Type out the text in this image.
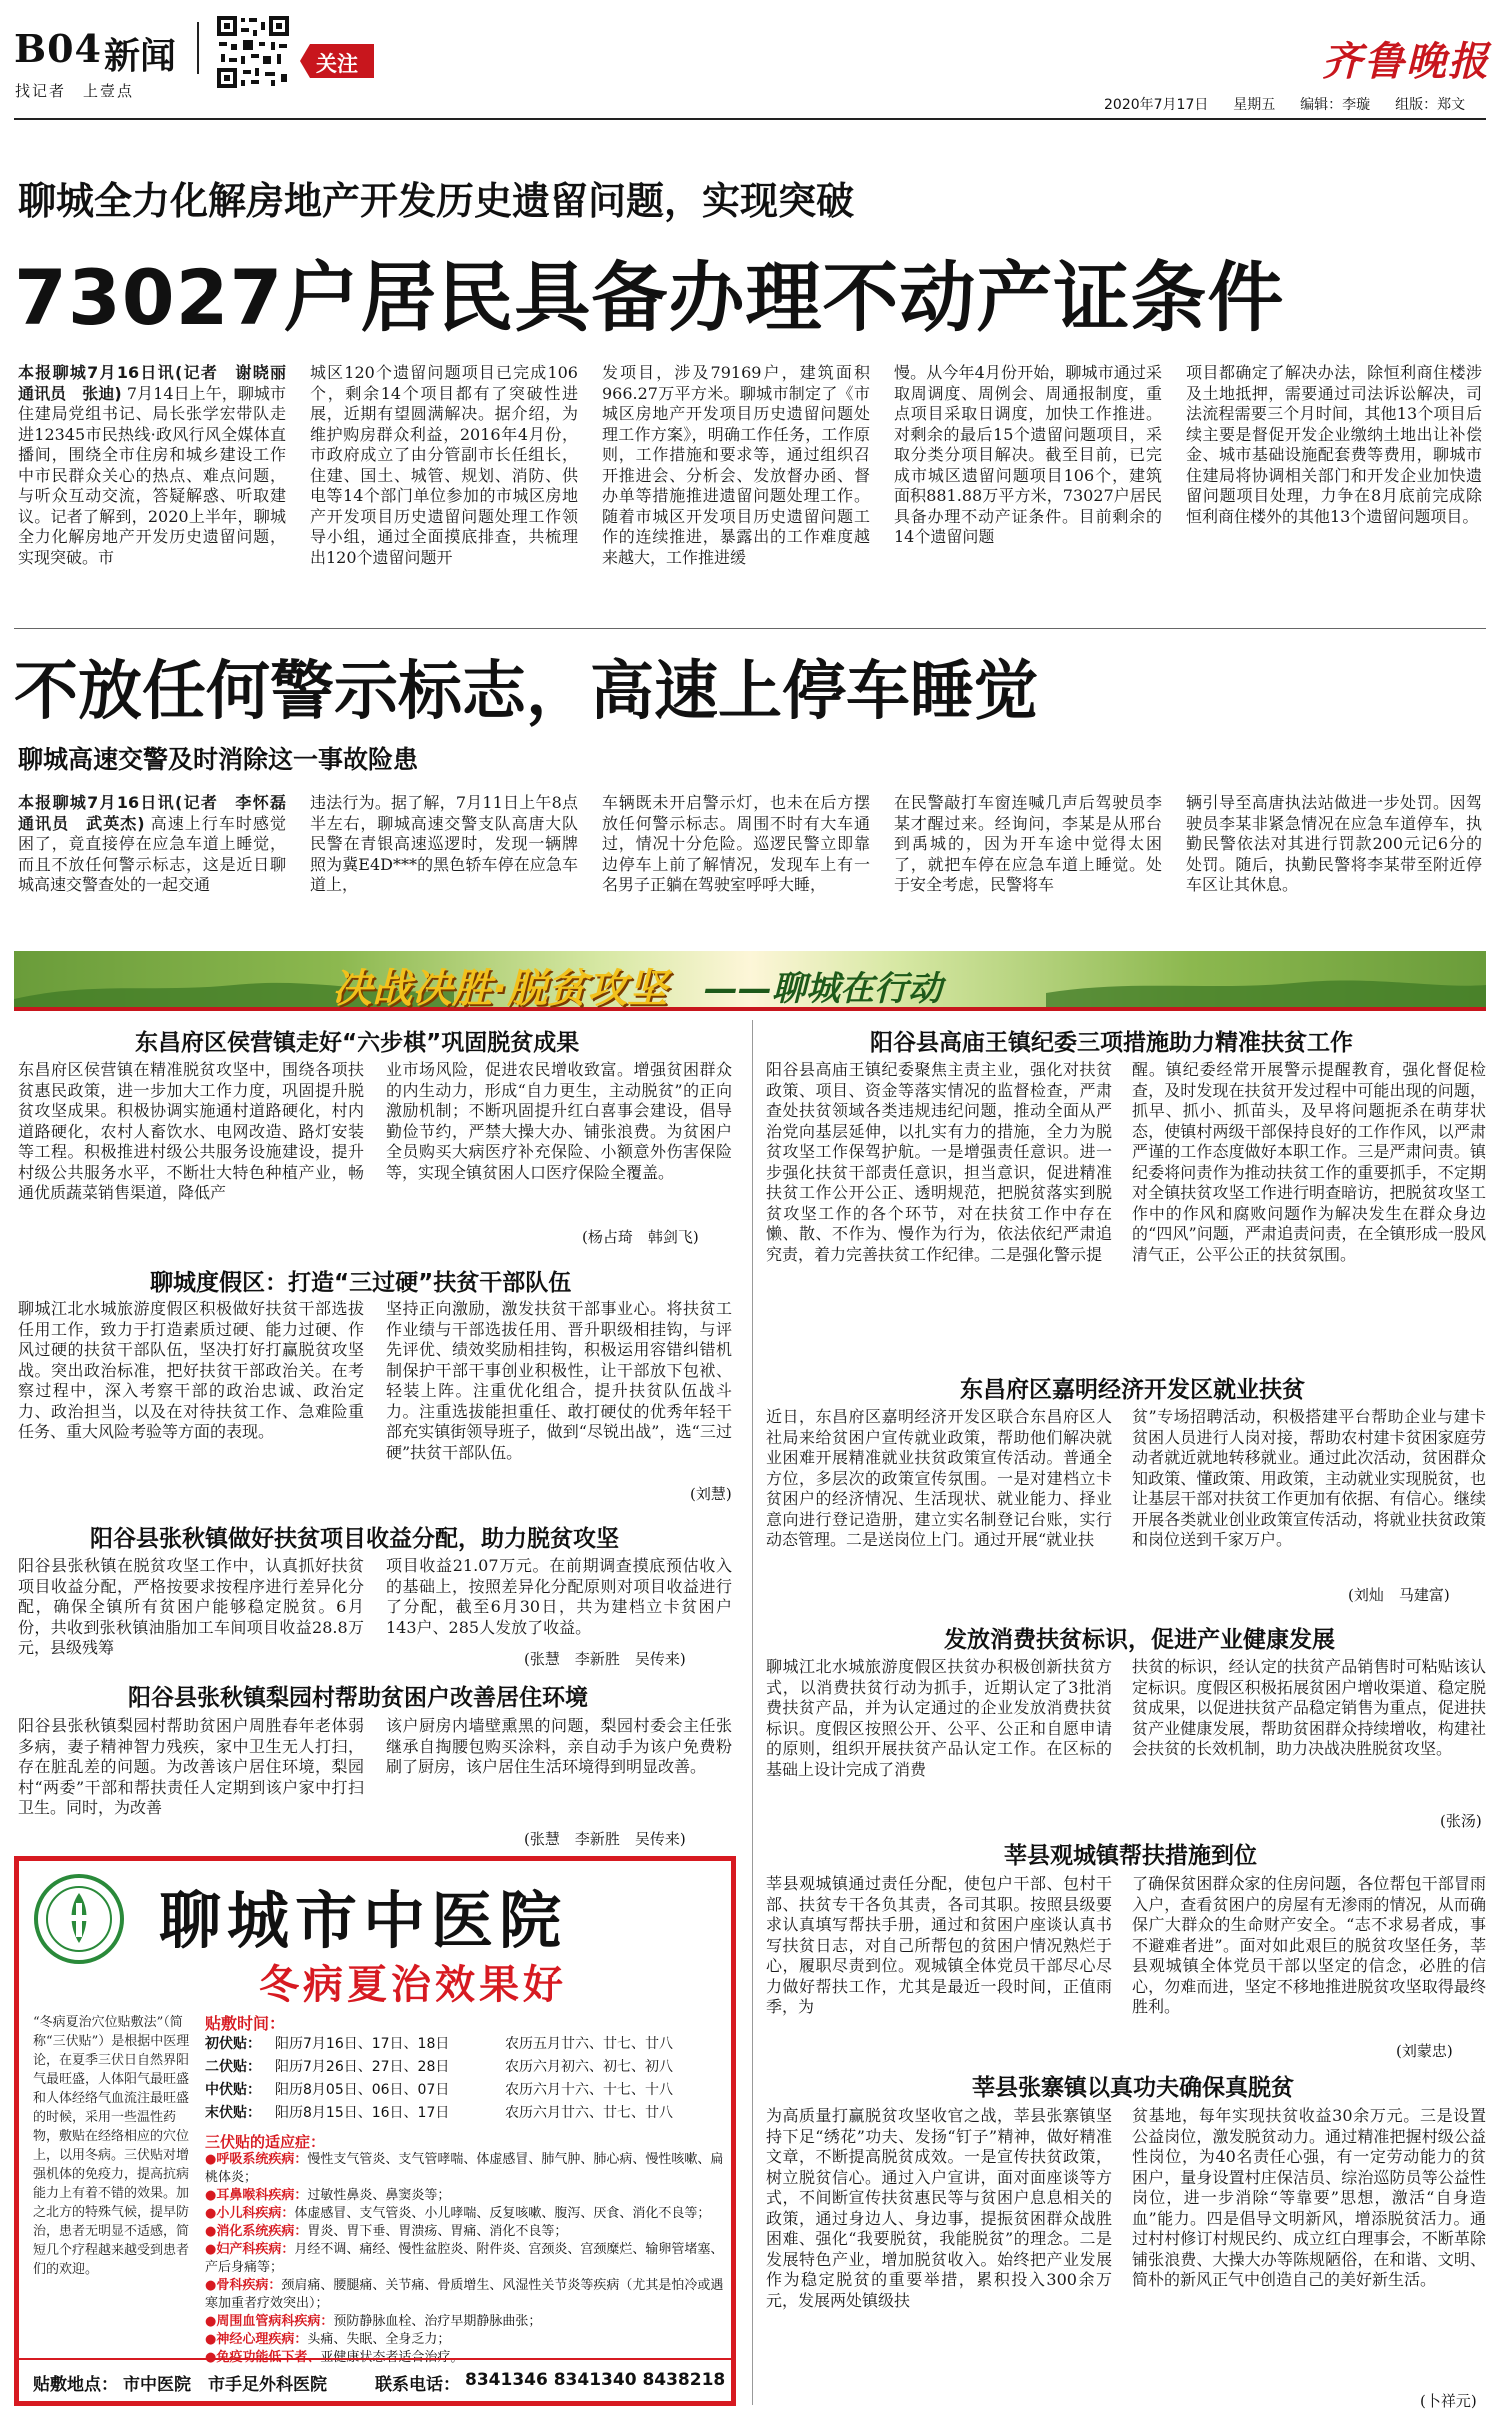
B04 新闻
找记者　上壹点
关注	齐鲁晚报
2020年7月17日 星期五 编辑：李璇 组版：郑文
聊城全力化解房地产开发历史遗留问题，实现突破
73027户居民具备办理不动产证条件
本报聊城7月16日讯(记者　谢晓丽　通讯员　张迪) 7月14日上午，聊城市住建局党组书记、局长张学宏带队走进12345市民热线·政风行风全媒体直播间，围绕全市住房和城乡建设工作中市民群众关心的热点、难点问题，与听众互动交流，答疑解惑、听取建议。记者了解到，2020上半年，聊城全力化解房地产开发历史遗留问题，实现突破。市
城区120个遗留问题项目已完成106个，剩余14个项目都有了突破性进展，近期有望圆满解决。据介绍，为维护购房群众利益，2016年4月份，市政府成立了由分管副市长任组长，住建、国土、城管、规划、消防、供电等14个部门单位参加的市城区房地产开发项目历史遗留问题处理工作领导小组，通过全面摸底排查，共梳理出120个遗留问题开
发项目，涉及79169户，建筑面积966.27万平方米。聊城市制定了《市城区房地产开发项目历史遗留问题处理工作方案》，明确工作任务，工作原则，工作措施和要求等，通过组织召开推进会、分析会、发放督办函、督办单等措施推进遗留问题处理工作。随着市城区开发项目历史遗留问题工作的连续推进，暴露出的工作难度越来越大，工作推进缓
慢。从今年4月份开始，聊城市通过采取周调度、周例会、周通报制度，重点项目采取日调度，加快工作推进。对剩余的最后15个遗留问题项目，采取分类分项目解决。截至目前，已完成市城区遗留问题项目106个，建筑面积881.88万平方米，73027户居民具备办理不动产证条件。目前剩余的14个遗留问题
项目都确定了解决办法，除恒利商住楼涉及土地抵押，需要通过司法诉讼解决，司法流程需要三个月时间，其他13个项目后续主要是督促开发企业缴纳土地出让补偿金、城市基础设施配套费等费用，聊城市住建局将协调相关部门和开发企业加快遗留问题项目处理，力争在8月底前完成除恒利商住楼外的其他13个遗留问题项目。
不放任何警示标志，高速上停车睡觉
聊城高速交警及时消除这一事故险患
本报聊城7月16日讯(记者　李怀磊　通讯员　武英杰) 高速上行车时感觉困了，竟直接停在应急车道上睡觉，而且不放任何警示标志，这是近日聊城高速交警查处的一起交通
违法行为。据了解，7月11日上午8点半左右，聊城高速交警支队高唐大队民警在青银高速巡逻时，发现一辆牌照为冀E4D***的黑色轿车停在应急车道上，
车辆既未开启警示灯，也未在后方摆放任何警示标志。周围不时有大车通过，情况十分危险。巡逻民警立即靠边停车上前了解情况，发现车上有一名男子正躺在驾驶室呼呼大睡，
在民警敲打车窗连喊几声后驾驶员李某才醒过来。经询问，李某是从邢台到禹城的，因为开车途中觉得太困了，就把车停在应急车道上睡觉。处于安全考虑，民警将车
辆引导至高唐执法站做进一步处罚。因驾驶员李某非紧急情况在应急车道停车，执勤民警依法对其进行罚款200元记6分的处罚。随后，执勤民警将李某带至附近停车区让其休息。
决战决胜·脱贫攻坚 ——聊城在行动
东昌府区侯营镇走好“六步棋”巩固脱贫成果
东昌府区侯营镇在精准脱贫攻坚中，围绕各项扶贫惠民政策，进一步加大工作力度，巩固提升脱贫攻坚成果。积极协调实施通村道路硬化，村内道路硬化，农村人畜饮水、电网改造、路灯安装等工程。积极推进村级公共服务设施建设，提升村级公共服务水平，不断壮大特色种植产业，畅通优质蔬菜销售渠道，降低产
业市场风险，促进农民增收致富。增强贫困群众的内生动力，形成“自力更生，主动脱贫”的正向激励机制；不断巩固提升红白喜事会建设，倡导勤俭节约，严禁大操大办、铺张浪费。为贫困户全员购买大病医疗补充保险、小额意外伤害保险等，实现全镇贫困人口医疗保险全覆盖。
(杨占琦　韩剑飞)
聊城度假区：打造“三过硬”扶贫干部队伍
聊城江北水城旅游度假区积极做好扶贫干部选拔任用工作，致力于打造素质过硬、能力过硬、作风过硬的扶贫干部队伍，坚决打好打赢脱贫攻坚战。突出政治标准，把好扶贫干部政治关。在考察过程中，深入考察干部的政治忠诚、政治定力、政治担当，以及在对待扶贫工作、急难险重任务、重大风险考验等方面的表现。
坚持正向激励，激发扶贫干部事业心。将扶贫工作业绩与干部选拔任用、晋升职级相挂钩，与评先评优、绩效奖励相挂钩，积极运用容错纠错机制保护干部干事创业积极性，让干部放下包袱、轻装上阵。注重优化组合，提升扶贫队伍战斗力。注重选拔能担重任、敢打硬仗的优秀年轻干部充实镇街领导班子，做到“尽锐出战”，选“三过硬”扶贫干部队伍。
(刘慧)
阳谷县张秋镇做好扶贫项目收益分配，助力脱贫攻坚
阳谷县张秋镇在脱贫攻坚工作中，认真抓好扶贫项目收益分配，严格按要求按程序进行差异化分配，确保全镇所有贫困户能够稳定脱贫。6月份，共收到张秋镇油脂加工车间项目收益28.8万元，县级残筹
项目收益21.07万元。在前期调查摸底预估收入的基础上，按照差异化分配原则对项目收益进行了分配，截至6月30日，共为建档立卡贫困户143户、285人发放了收益。
(张慧　李新胜　吴传来)
阳谷县张秋镇梨园村帮助贫困户改善居住环境
阳谷县张秋镇梨园村帮助贫困户周胜春年老体弱多病，妻子精神智力残疾，家中卫生无人打扫，存在脏乱差的问题。为改善该户居住环境，梨园村“两委”干部和帮扶责任人定期到该户家中打扫卫生。同时，为改善
该户厨房内墙壁熏黑的问题，梨园村委会主任张继承自掏腰包购买涂料，亲自动手为该户免费粉刷了厨房，该户居住生活环境得到明显改善。
(张慧　李新胜　吴传来)
聊城市中医院
冬病夏治效果好
“冬病夏治穴位贴敷法”（简称“三伏贴”）是根据中医理论，在夏季三伏日自然界阳气最旺盛，人体阳气最旺盛和人体经络气血流注最旺盛的时候，采用一些温性药物，敷贴在经络相应的穴位上，以用冬病。三伏贴对增强机体的免疫力，提高抗病能力上有着不错的效果。加之北方的特殊气候，提早防治，患者无明显不适感，简短几个疗程越来越受到患者们的欢迎。
贴敷时间：
初伏贴： 阳历7月16日、17日、18日	农历五月廿六、廿七、廿八
二伏贴： 阳历7月26日、27日、28日	农历六月初六、初七、初八
中伏贴： 阳历8月05日、06日、07日	农历六月十六、十七、十八
末伏贴： 阳历8月15日、16日、17日	农历六月廿六、廿七、廿八
三伏贴的适应症：
●呼吸系统疾病：慢性支气管炎、支气管哮喘、体虚感冒、肺气肿、肺心病、慢性咳嗽、扁桃体炎；
●耳鼻喉科疾病：过敏性鼻炎、鼻窦炎等；
●小儿科疾病：体虚感冒、支气管炎、小儿哮喘、反复咳嗽、腹泻、厌食、消化不良等；
●消化系统疾病：胃炎、胃下垂、胃溃疡、胃痛、消化不良等；
●妇产科疾病：月经不调、痛经、慢性盆腔炎、附件炎、宫颈炎、宫颈糜烂、输卵管堵塞、产后身痛等；
●骨科疾病：颈肩痛、腰腿痛、关节痛、骨质增生、风湿性关节炎等疾病（尤其是怕冷或遇寒加重者疗效突出）；
●周围血管病科疾病：预防静脉血栓、治疗早期静脉曲张；
●神经心理疾病：头痛、失眠、全身乏力；
●免疫功能低下者、亚健康状态者适合治疗。
贴敷地点： 市中医院　市手足外科医院	联系电话： 8341346 8341340 8438218
阳谷县高庙王镇纪委三项措施助力精准扶贫工作
阳谷县高庙王镇纪委聚焦主责主业，强化对扶贫政策、项目、资金等落实情况的监督检查，严肃查处扶贫领域各类违规违纪问题，推动全面从严治党向基层延伸，以扎实有力的措施，全力为脱贫攻坚工作保驾护航。一是增强责任意识。进一步强化扶贫干部责任意识，担当意识，促进精准扶贫工作公开公正、透明规范，把脱贫落实到脱贫攻坚工作的各个环节，对在扶贫工作中存在懒、散、不作为、慢作为行为，依法依纪严肃追究责，着力完善扶贫工作纪律。二是强化警示提
醒。镇纪委经常开展警示提醒教育，强化督促检查，及时发现在扶贫开发过程中可能出现的问题，抓早、抓小、抓苗头，及早将问题扼杀在萌芽状态，使镇村两级干部保持良好的工作作风，以严肃严谨的工作态度做好本职工作。三是严肃问责。镇纪委将问责作为推动扶贫工作的重要抓手，不定期对全镇扶贫攻坚工作进行明查暗访，把脱贫攻坚工作中的作风和腐败问题作为解决发生在群众身边的“四风”问题，严肃追责问责，在全镇形成一股风清气正，公平公正的扶贫氛围。
东昌府区嘉明经济开发区就业扶贫
近日，东昌府区嘉明经济开发区联合东昌府区人社局来给贫困户宣传就业政策，帮助他们解决就业困难开展精准就业扶贫政策宣传活动。普通全方位，多层次的政策宣传氛围。一是对建档立卡贫困户的经济情况、生活现状、就业能力、择业意向进行登记造册，建立实名制登记台账，实行动态管理。二是送岗位上门。通过开展“就业扶
贫”专场招聘活动，积极搭建平台帮助企业与建卡贫困人员进行人岗对接，帮助农村建卡贫困家庭劳动者就近就地转移就业。通过此次活动，贫困群众知政策、懂政策、用政策，主动就业实现脱贫，也让基层干部对扶贫工作更加有依据、有信心。继续开展各类就业创业政策宣传活动，将就业扶贫政策和岗位送到千家万户。
(刘灿　马建富)
发放消费扶贫标识，促进产业健康发展
聊城江北水城旅游度假区扶贫办积极创新扶贫方式，以消费扶贫行动为抓手，近期认定了3批消费扶贫产品，并为认定通过的企业发放消费扶贫标识。度假区按照公开、公平、公正和自愿申请的原则，组织开展扶贫产品认定工作。在区标的基础上设计完成了消费
扶贫的标识，经认定的扶贫产品销售时可粘贴该认定标识。度假区积极拓展贫困户增收渠道、稳定脱贫成果，以促进扶贫产品稳定销售为重点，促进扶贫产业健康发展，帮助贫困群众持续增收，构建社会扶贫的长效机制，助力决战决胜脱贫攻坚。
(张汤)
莘县观城镇帮扶措施到位
莘县观城镇通过责任分配，使包户干部、包村干部、扶贫专干各负其责，各司其职。按照县级要求认真填写帮扶手册，通过和贫困户座谈认真书写扶贫日志，对自己所帮包的贫困户情况熟烂于心，履职尽责到位。观城镇全体党员干部尽心尽力做好帮扶工作，尤其是最近一段时间，正值雨季，为
了确保贫困群众家的住房问题，各位帮包干部冒雨入户，查看贫困户的房屋有无渗雨的情况，从而确保广大群众的生命财产安全。“志不求易者成，事不避难者进”。面对如此艰巨的脱贫攻坚任务，莘县观城镇全体党员干部以坚定的信念，必胜的信心，勿难而进，坚定不移地推进脱贫攻坚取得最终胜利。
(刘蒙忠)
莘县张寨镇以真功夫确保真脱贫
为高质量打赢脱贫攻坚收官之战，莘县张寨镇坚持下足“绣花”功夫、发扬“钉子”精神，做好精准文章，不断提高脱贫成效。一是宣传扶贫政策，树立脱贫信心。通过入户宣讲，面对面座谈等方式，不间断宣传扶贫惠民等与贫困户息息相关的政策，通过身边人、身边事，提振贫困群众战胜困难、强化“我要脱贫，我能脱贫”的理念。二是发展特色产业，增加脱贫收入。始终把产业发展作为稳定脱贫的重要举措，累积投入300余万元，发展两处镇级扶
贫基地，每年实现扶贫收益30余万元。三是设置公益岗位，激发脱贫动力。通过精准把握村级公益性岗位，为40名责任心强，有一定劳动能力的贫困户，量身设置村庄保洁员、综治巡防员等公益性岗位，进一步消除“等靠要”思想，激活“自身造血”能力。四是倡导文明新风，增添脱贫活力。通过村村修订村规民约、成立红白理事会，不断革除铺张浪费、大操大办等陈规陋俗，在和谐、文明、简朴的新风正气中创造自己的美好新生活。
(卜祥元)
